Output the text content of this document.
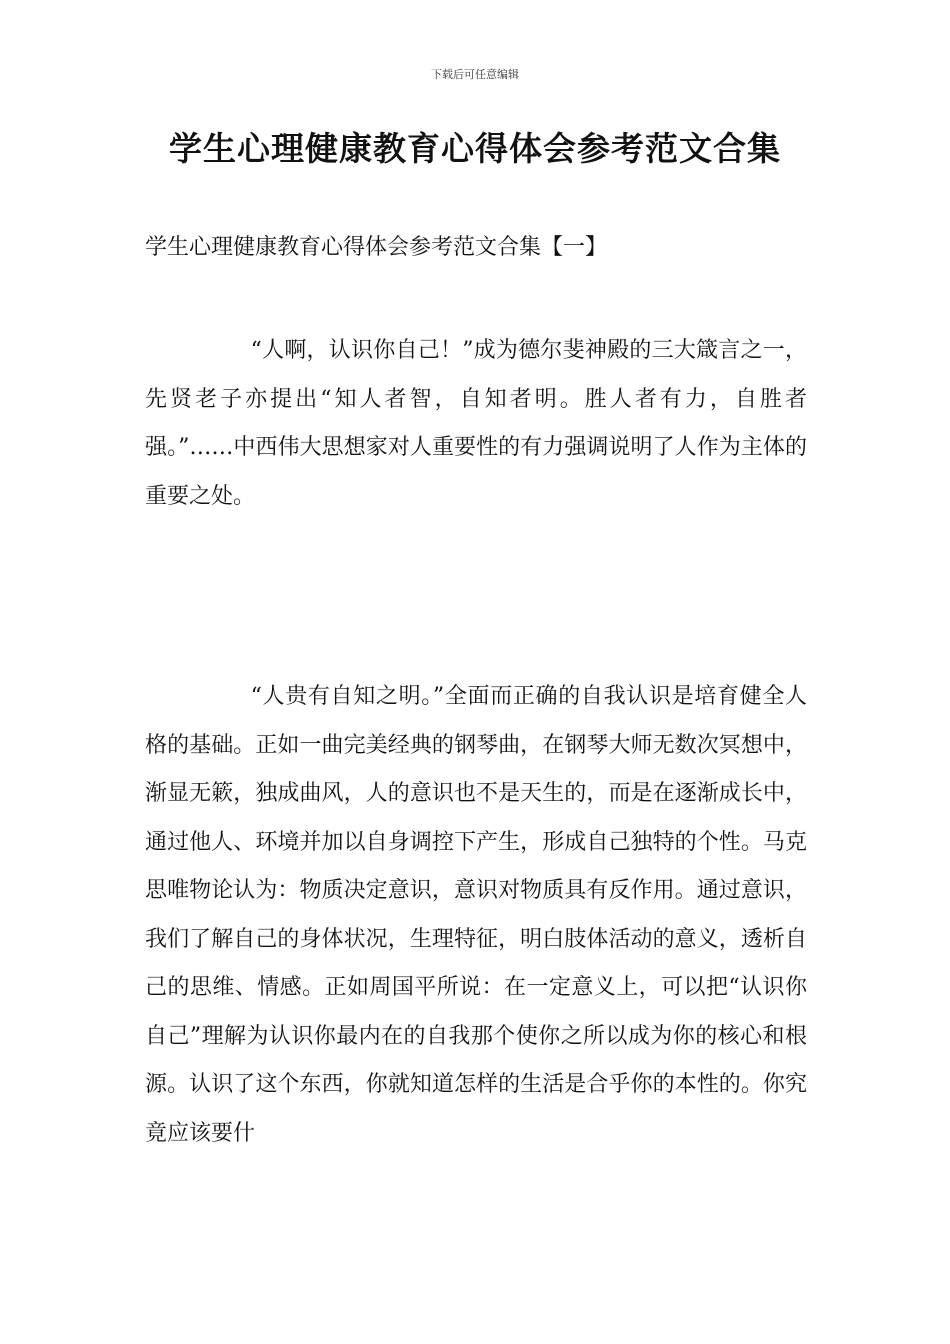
下载后可任意编辑
学生心理健康教育心得体会参考范文合集
学生心理健康教育心得体会参考范文合集【一】

“人啊，认识你自己！”成为德尔斐神殿的三大箴言之一，先贤老子亦提出“知人者智，自知者明。胜人者有力，自胜者强。”……中西伟大思想家对人重要性的有力强调说明了人作为主体的重要之处。

“人贵有自知之明。”全面而正确的自我认识是培育健全人格的基础。正如一曲完美经典的钢琴曲，在钢琴大师无数次冥想中，渐显无簌，独成曲风，人的意识也不是天生的，而是在逐渐成长中，通过他人、环境并加以自身调控下产生，形成自己独特的个性。马克思唯物论认为：物质决定意识，意识对物质具有反作用。通过意识，我们了解自己的身体状况，生理特征，明白肢体活动的意义，透析自己的思维、情感。正如周国平所说：在一定意义上，可以把“认识你自己”理解为认识你最内在的自我那个使你之所以成为你的核心和根源。认识了这个东西，你就知道怎样的生活是合乎你的本性的。你究竟应该要什
